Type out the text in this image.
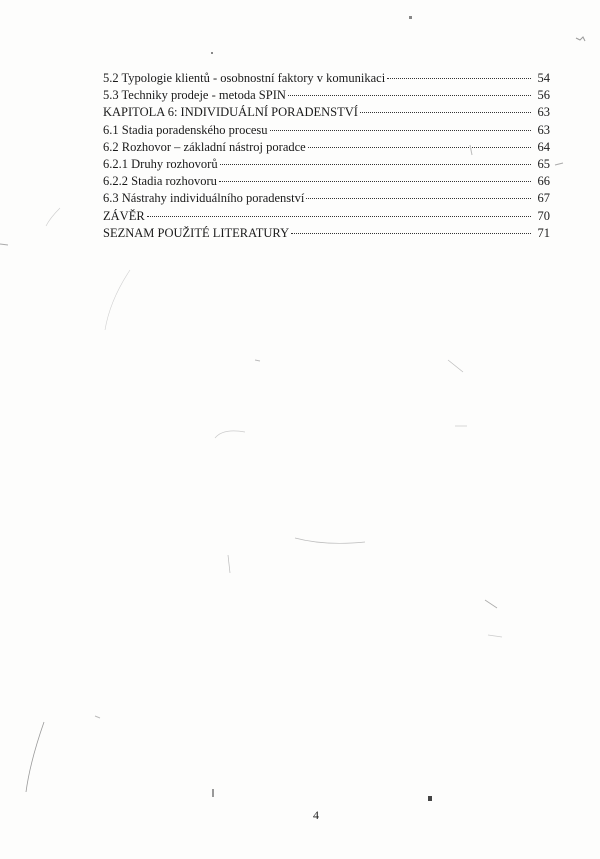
5.2 Typologie klientů - osobnostní faktory v komunikaci	54
5.3 Techniky prodeje - metoda SPIN	56
KAPITOLA 6: INDIVIDUÁLNÍ PORADENSTVÍ	63
6.1 Stadia poradenského procesu	63
6.2 Rozhovor – základní nástroj poradce	64
6.2.1 Druhy rozhovorů	65
6.2.2 Stadia rozhovoru	66
6.3 Nástrahy individuálního poradenství	67
ZÁVĚR	70
SEZNAM POUŽITÉ LITERATURY	71
4
